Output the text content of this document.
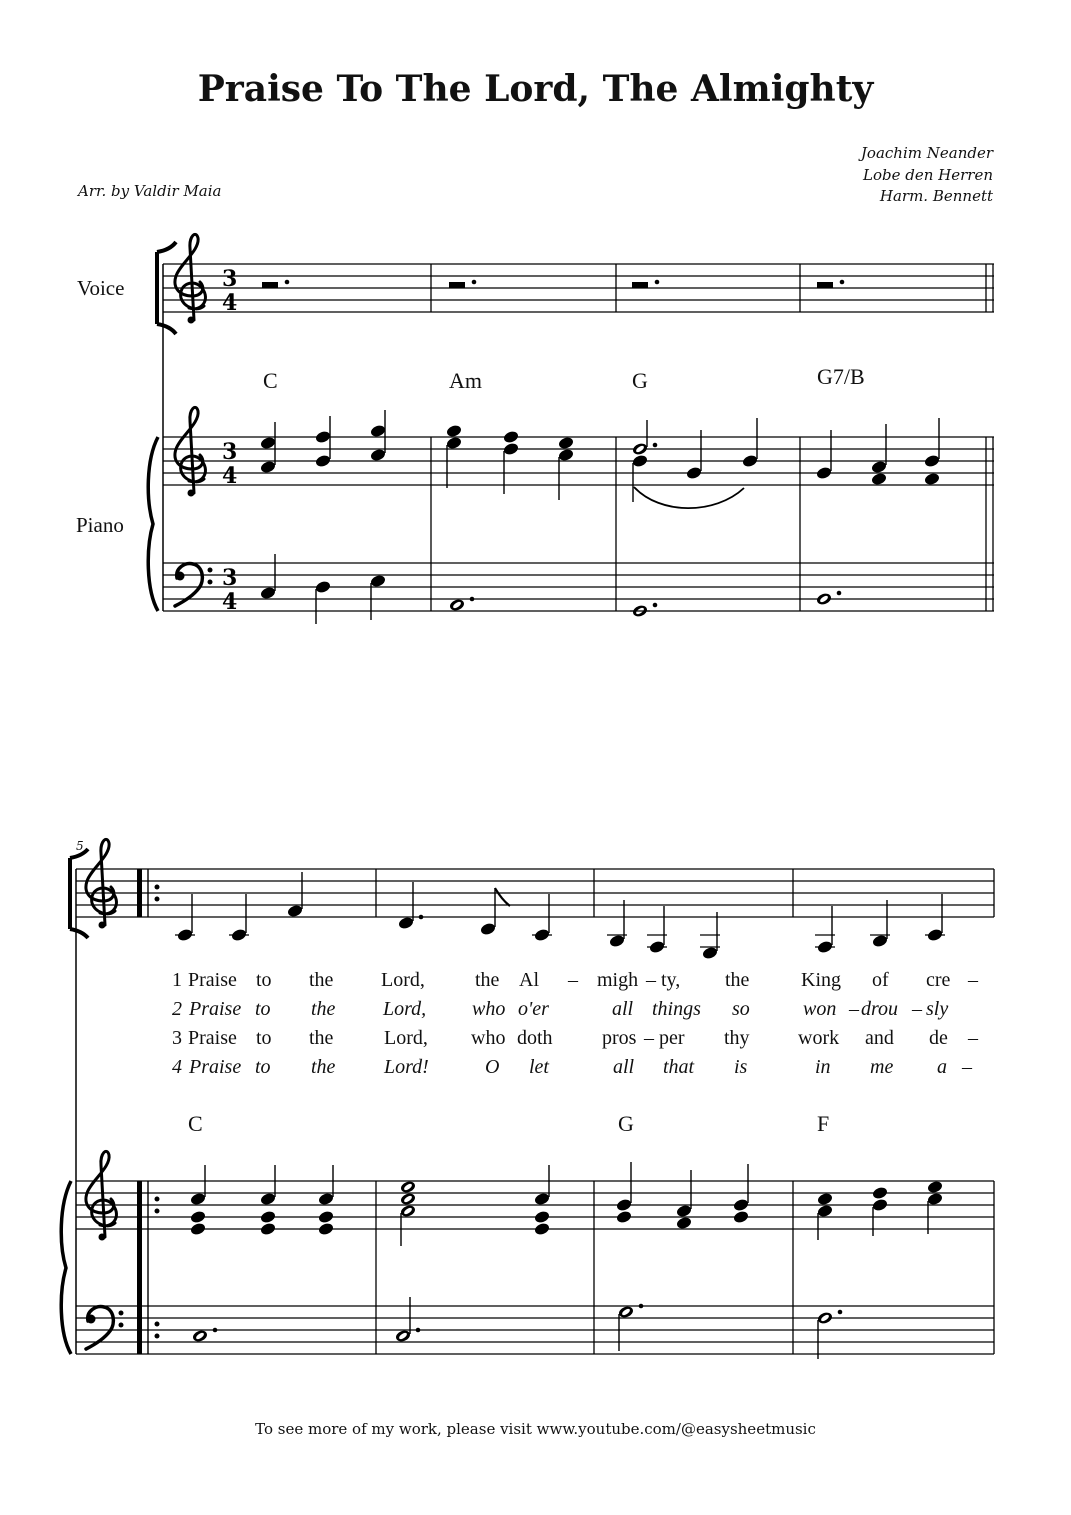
Praise To The Lord, The Almighty
Joachim Neander
Lobe den Herren
Harm. Bennett
Arr. by Valdir Maia
Voice
Piano
C	Am	G	G7/B
C	G	F
5
1 Praise to the Lord,	the Al – migh – ty, the	King of cre –
2 Praise to the Lord, who o'er	all things so	won – drou – sly
3 Praise to the	Lord, who doth pros – per thy work and de –
4 Praise to the Lord!	O let	all that is	in me a –
To see more of my work, please visit www.youtube.com/@easysheetmusic
3
4
3
4
3
4
